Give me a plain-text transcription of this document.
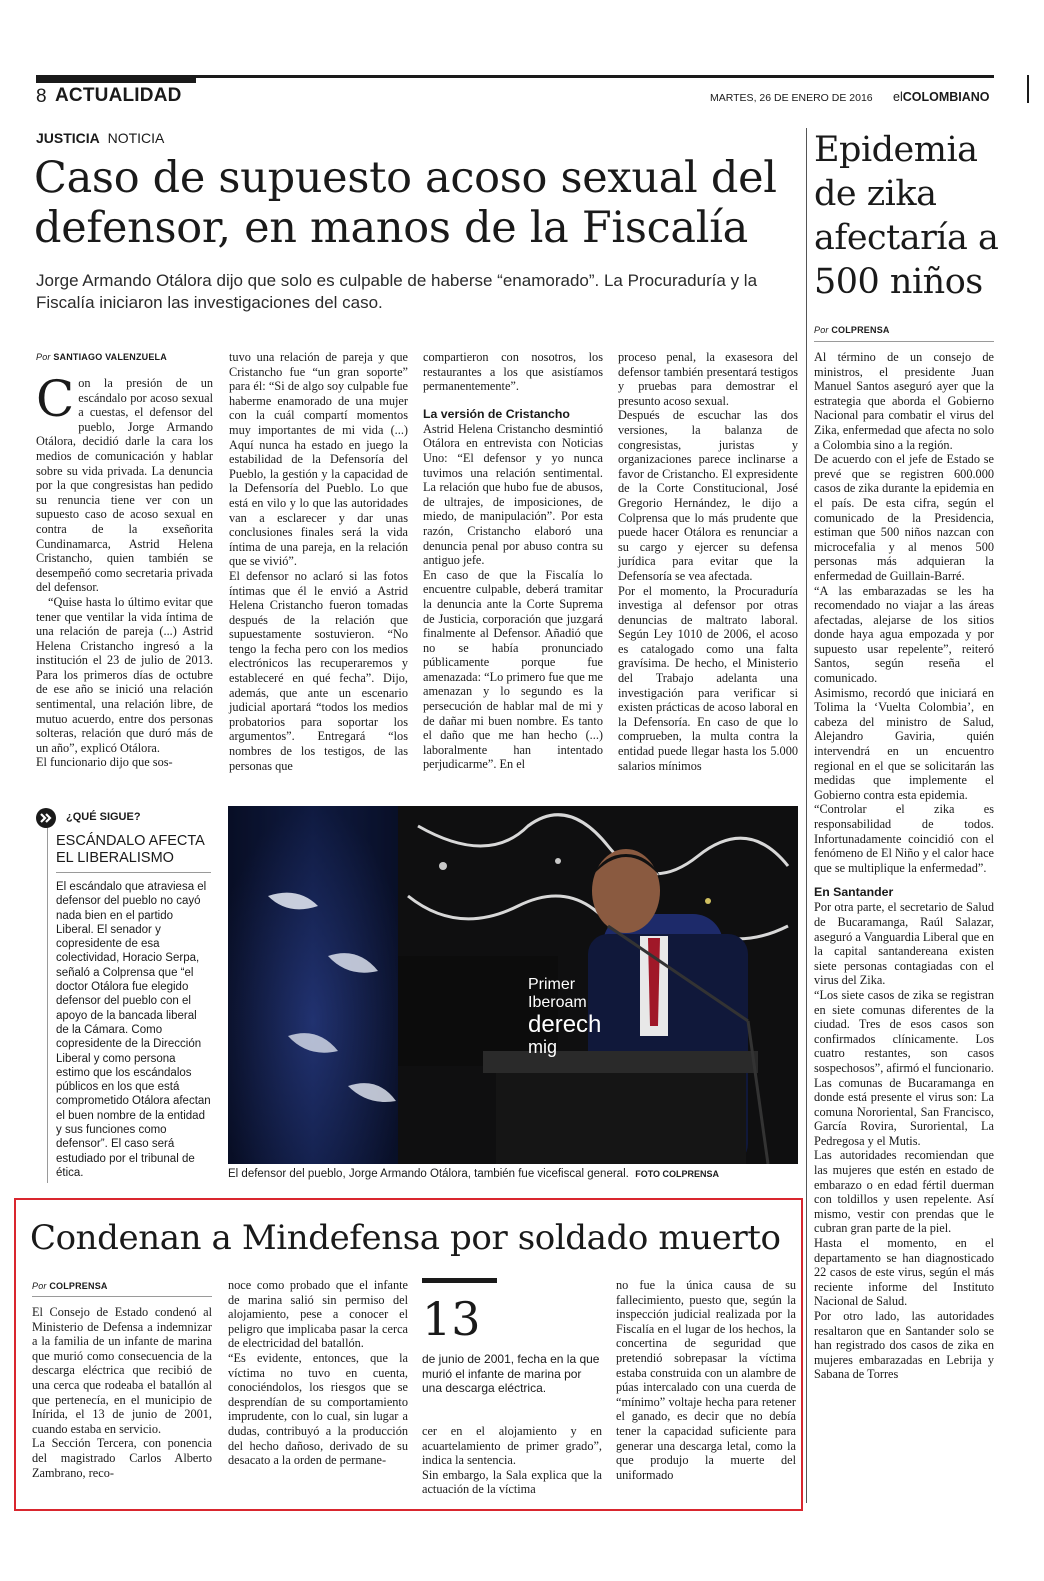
8 ACTUALIDAD	MARTES, 26 DE ENERO DE 2016 elCOLOMBIANO
JUSTICIA NOTICIA
Caso de supuesto acoso sexual del defensor, en manos de la Fiscalía
Jorge Armando Otálora dijo que solo es culpable de haberse “enamorado”. La Procuraduría y la Fiscalía iniciaron las investigaciones del caso.
Por SANTIAGO VALENZUELA
C on la presión de un escándalo por acoso sexual a cuestas, el defensor del pueblo, Jorge Armando Otálora, decidió darle la cara los medios de comunicación y hablar sobre su vida privada. La denuncia por la que congresistas han pedido su renuncia tiene ver con un supuesto caso de acoso sexual en contra de la exseñorita Cundinamarca, Astrid Helena Cristancho, quien también se desempeñó como secretaria privada del defensor.
“Quise hasta lo último evitar que tener que ventilar la vida íntima de una relación de pareja (...) Astrid Helena Cristancho ingresó a la institución el 23 de julio de 2013. Para los primeros días de octubre de ese año se inició una relación sentimental, una relación libre, de mutuo acuerdo, entre dos personas solteras, relación que duró más de un año”, explicó Otálora.
El funcionario dijo que sos-
tuvo una relación de pareja y que Cristancho fue “un gran soporte” para él: “Si de algo soy culpable fue haberme enamorado de una mujer con la cuál compartí momentos muy importantes de mi vida (...) Aquí nunca ha estado en juego la estabilidad de la Defensoría del Pueblo, la gestión y la capacidad de la Defensoría del Pueblo. Lo que está en vilo y lo que las autoridades van a esclarecer y dar unas conclusiones finales será la vida íntima de una pareja, en la relación que se vivió”.
El defensor no aclaró si las fotos íntimas que él le envió a Astrid Helena Cristancho fueron tomadas después de la relación que supuestamente sostuvieron. “No tengo la fecha pero con los medios electrónicos las recuperaremos y estableceré en qué fecha”. Dijo, además, que ante un escenario judicial aportará “todos los medios probatorios para soportar los argumentos”. Entregará “los nombres de los testigos, de las personas que
compartieron con nosotros, los restaurantes a los que asistíamos permanentemente”.
La versión de Cristancho
Astrid Helena Cristancho desmintió Otálora en entrevista con Noticias Uno: “El defensor y yo nunca tuvimos una relación sentimental. La relación que hubo fue de abusos, de ultrajes, de imposiciones, de miedo, de manipulación”. Por esta razón, Cristancho elaboró una denuncia penal por abuso contra su antiguo jefe.
En caso de que la Fiscalía lo encuentre culpable, deberá tramitar la denuncia ante la Corte Suprema de Justicia, corporación que juzgará finalmente al Defensor. Añadió que no se había pronunciado públicamente porque fue amenazada: “Lo primero fue que me amenazan y lo segundo es la persecución de hablar mal de mi y de dañar mi buen nombre. Es tanto el daño que me han hecho (...) laboralmente han intentado perjudicarme”. En el
proceso penal, la exasesora del defensor también presentará testigos y pruebas para demostrar el presunto acoso sexual.
Después de escuchar las dos versiones, la balanza de congresistas, juristas y organizaciones parece inclinarse a favor de Cristancho. El expresidente de la Corte Constitucional, José Gregorio Hernández, le dijo a Colprensa que lo más prudente que puede hacer Otálora es renunciar a su cargo y ejercer su defensa jurídica para evitar que la Defensoría se vea afectada.
Por el momento, la Procuraduría investiga al defensor por otras denuncias de maltrato laboral. Según Ley 1010 de 2006, el acoso es catalogado como una falta gravísima. De hecho, el Ministerio del Trabajo adelanta una investigación para verificar si existen prácticas de acoso laboral en la Defensoría. En caso de que lo comprueben, la multa contra la entidad puede llegar hasta los 5.000 salarios mínimos
¿QUÉ SIGUE?
ESCÁNDALO AFECTA EL LIBERALISMO
El escándalo que atraviesa el defensor del pueblo no cayó nada bien en el partido Liberal. El senador y copresidente de esa colectividad, Horacio Serpa, señaló a Colprensa que “el doctor Otálora fue elegido defensor del pueblo con el apoyo de la bancada liberal de la Cámara. Como copresidente de la Dirección Liberal y como persona estimo que los escándalos públicos en los que está comprometido Otálora afectan el buen nombre de la entidad y sus funciones como defensor”. El caso será estudiado por el tribunal de ética.
Primer
Iberoam
derech
mig
El defensor del pueblo, Jorge Armando Otálora, también fue vicefiscal general. FOTO COLPRENSA
Epidemia de zika afectaría a 500 niños
Por COLPRENSA
Al término de un consejo de ministros, el presidente Juan Manuel Santos aseguró ayer que la estrategia que aborda el Gobierno Nacional para combatir el virus del Zika, enfermedad que afecta no solo a Colombia sino a la región.
De acuerdo con el jefe de Estado se prevé que se registren 600.000 casos de zika durante la epidemia en el país. De esta cifra, según el comunicado de la Presidencia, estiman que 500 niños nazcan con microcefalia y al menos 500 personas más adquieran la enfermedad de Guillain-Barré.
“A las embarazadas se les ha recomendado no viajar a las áreas afectadas, alejarse de los sitios donde haya agua empozada y por supuesto usar repelente”, reiteró Santos, según reseña el comunicado.
Asimismo, recordó que iniciará en Tolima la ‘Vuelta Colombia’, en cabeza del ministro de Salud, Alejandro Gaviria, quién intervendrá en un encuentro regional en el que se solicitarán las medidas que implemente el Gobierno contra esta epidemia.
“Controlar el zika es responsabilidad de todos. Infortunadamente coincidió con el fenómeno de El Niño y el calor hace que se multiplique la enfermedad”.
En Santander
Por otra parte, el secretario de Salud de Bucaramanga, Raúl Salazar, aseguró a Vanguardia Liberal que en la capital santandereana existen siete personas contagiadas con el virus del Zika.
“Los siete casos de zika se registran en siete comunas diferentes de la ciudad. Tres de esos casos son confirmados clínicamente. Los cuatro restantes, son casos sospechosos”, afirmó el funcionario.
Las comunas de Bucaramanga en donde está presente el virus son: La comuna Nororiental, San Francisco, García Rovira, Suroriental, La Pedregosa y el Mutis.
Las autoridades recomiendan que las mujeres que estén en estado de embarazo o en edad fértil duerman con toldillos y usen repelente. Así mismo, vestir con prendas que le cubran gran parte de la piel.
Hasta el momento, en el departamento se han diagnosticado 22 casos de este virus, según el más reciente informe del Instituto Nacional de Salud.
Por otro lado, las autoridades resaltaron que en Santander solo se han registrado dos casos de zika en mujeres embarazadas en Lebrija y Sabana de Torres
Condenan a Mindefensa por soldado muerto
Por COLPRENSA
El Consejo de Estado condenó al Ministerio de Defensa a indemnizar a la familia de un infante de marina que murió como consecuencia de la descarga eléctrica que recibió de una cerca que rodeaba el batallón al que pertenecía, en el municipio de Inírida, el 13 de junio de 2001, cuando estaba en servicio.
La Sección Tercera, con ponencia del magistrado Carlos Alberto Zambrano, reco-
noce como probado que el infante de marina salió sin permiso del alojamiento, pese a conocer el peligro que implicaba pasar la cerca de electricidad del batallón.
“Es evidente, entonces, que la víctima no tuvo en cuenta, conociéndolos, los riesgos que se desprendían de su comportamiento imprudente, con lo cual, sin lugar a dudas, contribuyó a la producción del hecho dañoso, derivado de su desacato a la orden de permane-
13
de junio de 2001, fecha en la que murió el infante de marina por una descarga eléctrica.
cer en el alojamiento y en acuartelamiento de primer grado”, indica la sentencia.
Sin embargo, la Sala explica que la actuación de la víctima
no fue la única causa de su fallecimiento, puesto que, según la inspección judicial realizada por la Fiscalía en el lugar de los hechos, la concertina de seguridad que pretendió sobrepasar la víctima estaba construida con un alambre de púas intercalado con una cuerda de “mínimo” voltaje hecha para retener el ganado, es decir que no debía tener la capacidad suficiente para generar una descarga letal, como la que produjo la muerte del uniformado
